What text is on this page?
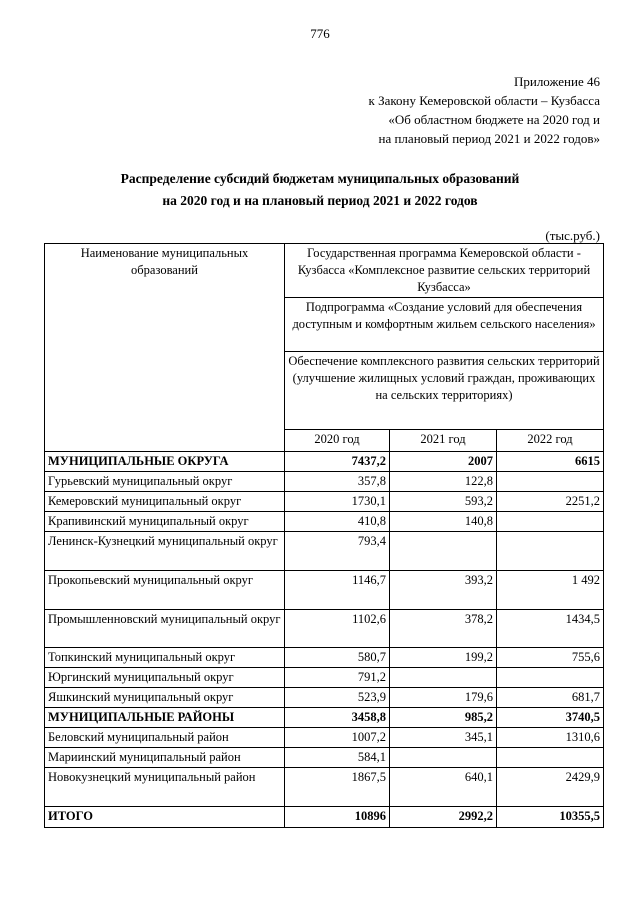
776
Приложение 46
к Закону Кемеровской области – Кузбасса
«Об областном бюджете на 2020 год и
на плановый период 2021 и 2022 годов»
Распределение субсидий бюджетам муниципальных образований
на 2020 год и на плановый период 2021 и 2022 годов
(тыс.руб.)
Наименование муниципальных образований	Государственная программа Кемеровской области - Кузбасса «Комплексное развитие сельских территорий Кузбасса»		
	Подпрограмма «Создание условий для обеспечения доступным и комфортным жильем сельского населения»		
	Обеспечение комплексного развития сельских территорий (улучшение жилищных условий граждан, проживающих на сельских территориях)		
	2020 год	2021 год	2022 год
МУНИЦИПАЛЬНЫЕ ОКРУГА	7437,2	2007	6615
Гурьевский муниципальный округ	357,8	122,8	
Кемеровский муниципальный округ	1730,1	593,2	2251,2
Крапивинский муниципальный округ	410,8	140,8	
Ленинск-Кузнецкий муниципальный округ	793,4		
Прокопьевский муниципальный округ	1146,7	393,2	1 492
Промышленновский муниципальный округ	1102,6	378,2	1434,5
Топкинский муниципальный округ	580,7	199,2	755,6
Юргинский муниципальный округ	791,2		
Яшкинский муниципальный округ	523,9	179,6	681,7
МУНИЦИПАЛЬНЫЕ РАЙОНЫ	3458,8	985,2	3740,5
Беловский муниципальный район	1007,2	345,1	1310,6
Мариинский муниципальный район	584,1		
Новокузнецкий муниципальный район	1867,5	640,1	2429,9
ИТОГО	10896	2992,2	10355,5
